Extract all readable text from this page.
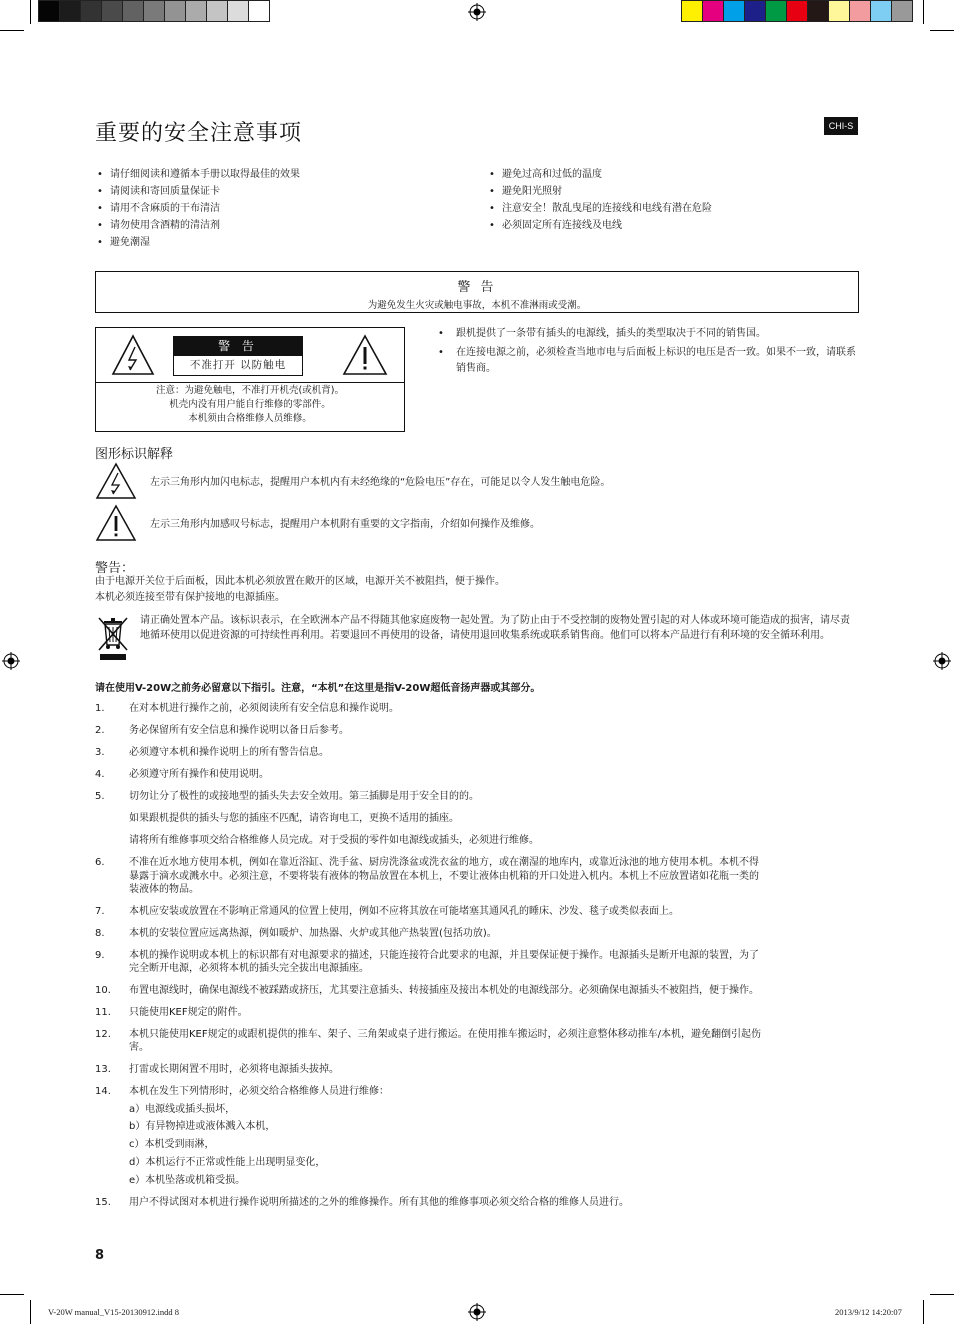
重要的安全注意事项	CHI-S
• 请仔细阅读和遵循本手册以取得最佳的效果
• 请阅读和寄回质量保证卡
• 请用不含麻质的干布清洁
• 请勿使用含酒精的清洁剂
• 避免潮湿
• 避免过高和过低的温度
• 避免阳光照射
• 注意安全！散乱曳尾的连接线和电线有潜在危险
• 必须固定所有连接线及电线
警 告
为避免发生火灾或触电事故，本机不准淋雨或受潮。
警 告
不准打开 以防触电
注意：为避免触电，不准打开机壳(或机背)。
机壳内没有用户能自行维修的零部件。
本机须由合格维修人员维修。
• 跟机提供了一条带有插头的电源线，插头的类型取决于不同的销售国。
• 在连接电源之前，必须检查当地市电与后面板上标识的电压是否一致。如果不一致，请联系销售商。
图形标识解释
左示三角形内加闪电标志，提醒用户本机内有未经绝缘的“危险电压”存在，可能足以令人发生触电危险。
左示三角形内加感叹号标志，提醒用户本机附有重要的文字指南，介绍如何操作及维修。
警告：
由于电源开关位于后面板，因此本机必须放置在敞开的区域，电源开关不被阻挡，便于操作。
本机必须连接至带有保护接地的电源插座。
请正确处置本产品。该标识表示，在全欧洲本产品不得随其他家庭废物一起处置。为了防止由于不受控制的废物处置引起的对人体或环境可能造成的损害，请尽责地循环使用以促进资源的可持续性再利用。若要退回不再使用的设备，请使用退回收集系统或联系销售商。他们可以将本产品进行有利环境的安全循环利用。
请在使用V-20W之前务必留意以下指引。注意，“本机”在这里是指V-20W超低音扬声器或其部分。
1.	在对本机进行操作之前，必须阅读所有安全信息和操作说明。
2.	务必保留所有安全信息和操作说明以备日后参考。
3.	必须遵守本机和操作说明上的所有警告信息。
4.	必须遵守所有操作和使用说明。
5.	切勿让分了极性的或接地型的插头失去安全效用。第三插脚是用于安全目的的。
如果跟机提供的插头与您的插座不匹配，请咨询电工，更换不适用的插座。
请将所有维修事项交给合格维修人员完成。对于受损的零件如电源线或插头，必须进行维修。
6.	不准在近水地方使用本机，例如在靠近浴缸、洗手盆、厨房洗涤盆或洗衣盆的地方，或在潮湿的地库内，或靠近泳池的地方使用本机。本机不得
暴露于滴水或溅水中。必须注意，不要将装有液体的物品放置在本机上，不要让液体由机箱的开口处进入机内。本机上不应放置诸如花瓶一类的
装液体的物品。
7.	本机应安装或放置在不影响正常通风的位置上使用，例如不应将其放在可能堵塞其通风孔的睡床、沙发、毯子或类似表面上。
8.	本机的安装位置应远离热源，例如暖炉、加热器、火炉或其他产热装置(包括功放)。
9.	本机的操作说明或本机上的标识都有对电源要求的描述，只能连接符合此要求的电源，并且要保证便于操作。电源插头是断开电源的装置，为了
完全断开电源，必须将本机的插头完全拔出电源插座。
10.	布置电源线时，确保电源线不被踩踏或挤压，尤其要注意插头、转接插座及接出本机处的电源线部分。必须确保电源插头不被阻挡，便于操作。
11.	只能使用KEF规定的附件。
12.	本机只能使用KEF规定的或跟机提供的推车、架子、三角架或桌子进行搬运。在使用推车搬运时，必须注意整体移动推车/本机，避免翻倒引起伤
害。
13.	打雷或长期闲置不用时，必须将电源插头拔掉。
14.	本机在发生下列情形时，必须交给合格维修人员进行维修：
a）电源线或插头损坏，
b）有异物掉进或液体溅入本机，
c）本机受到雨淋，
d）本机运行不正常或性能上出现明显变化，
e）本机坠落或机箱受损。
15.	用户不得试图对本机进行操作说明所描述的之外的维修操作。所有其他的维修事项必须交给合格的维修人员进行。
8
V-20W manual_V15-20130912.indd 8	2013/9/12 14:20:07
